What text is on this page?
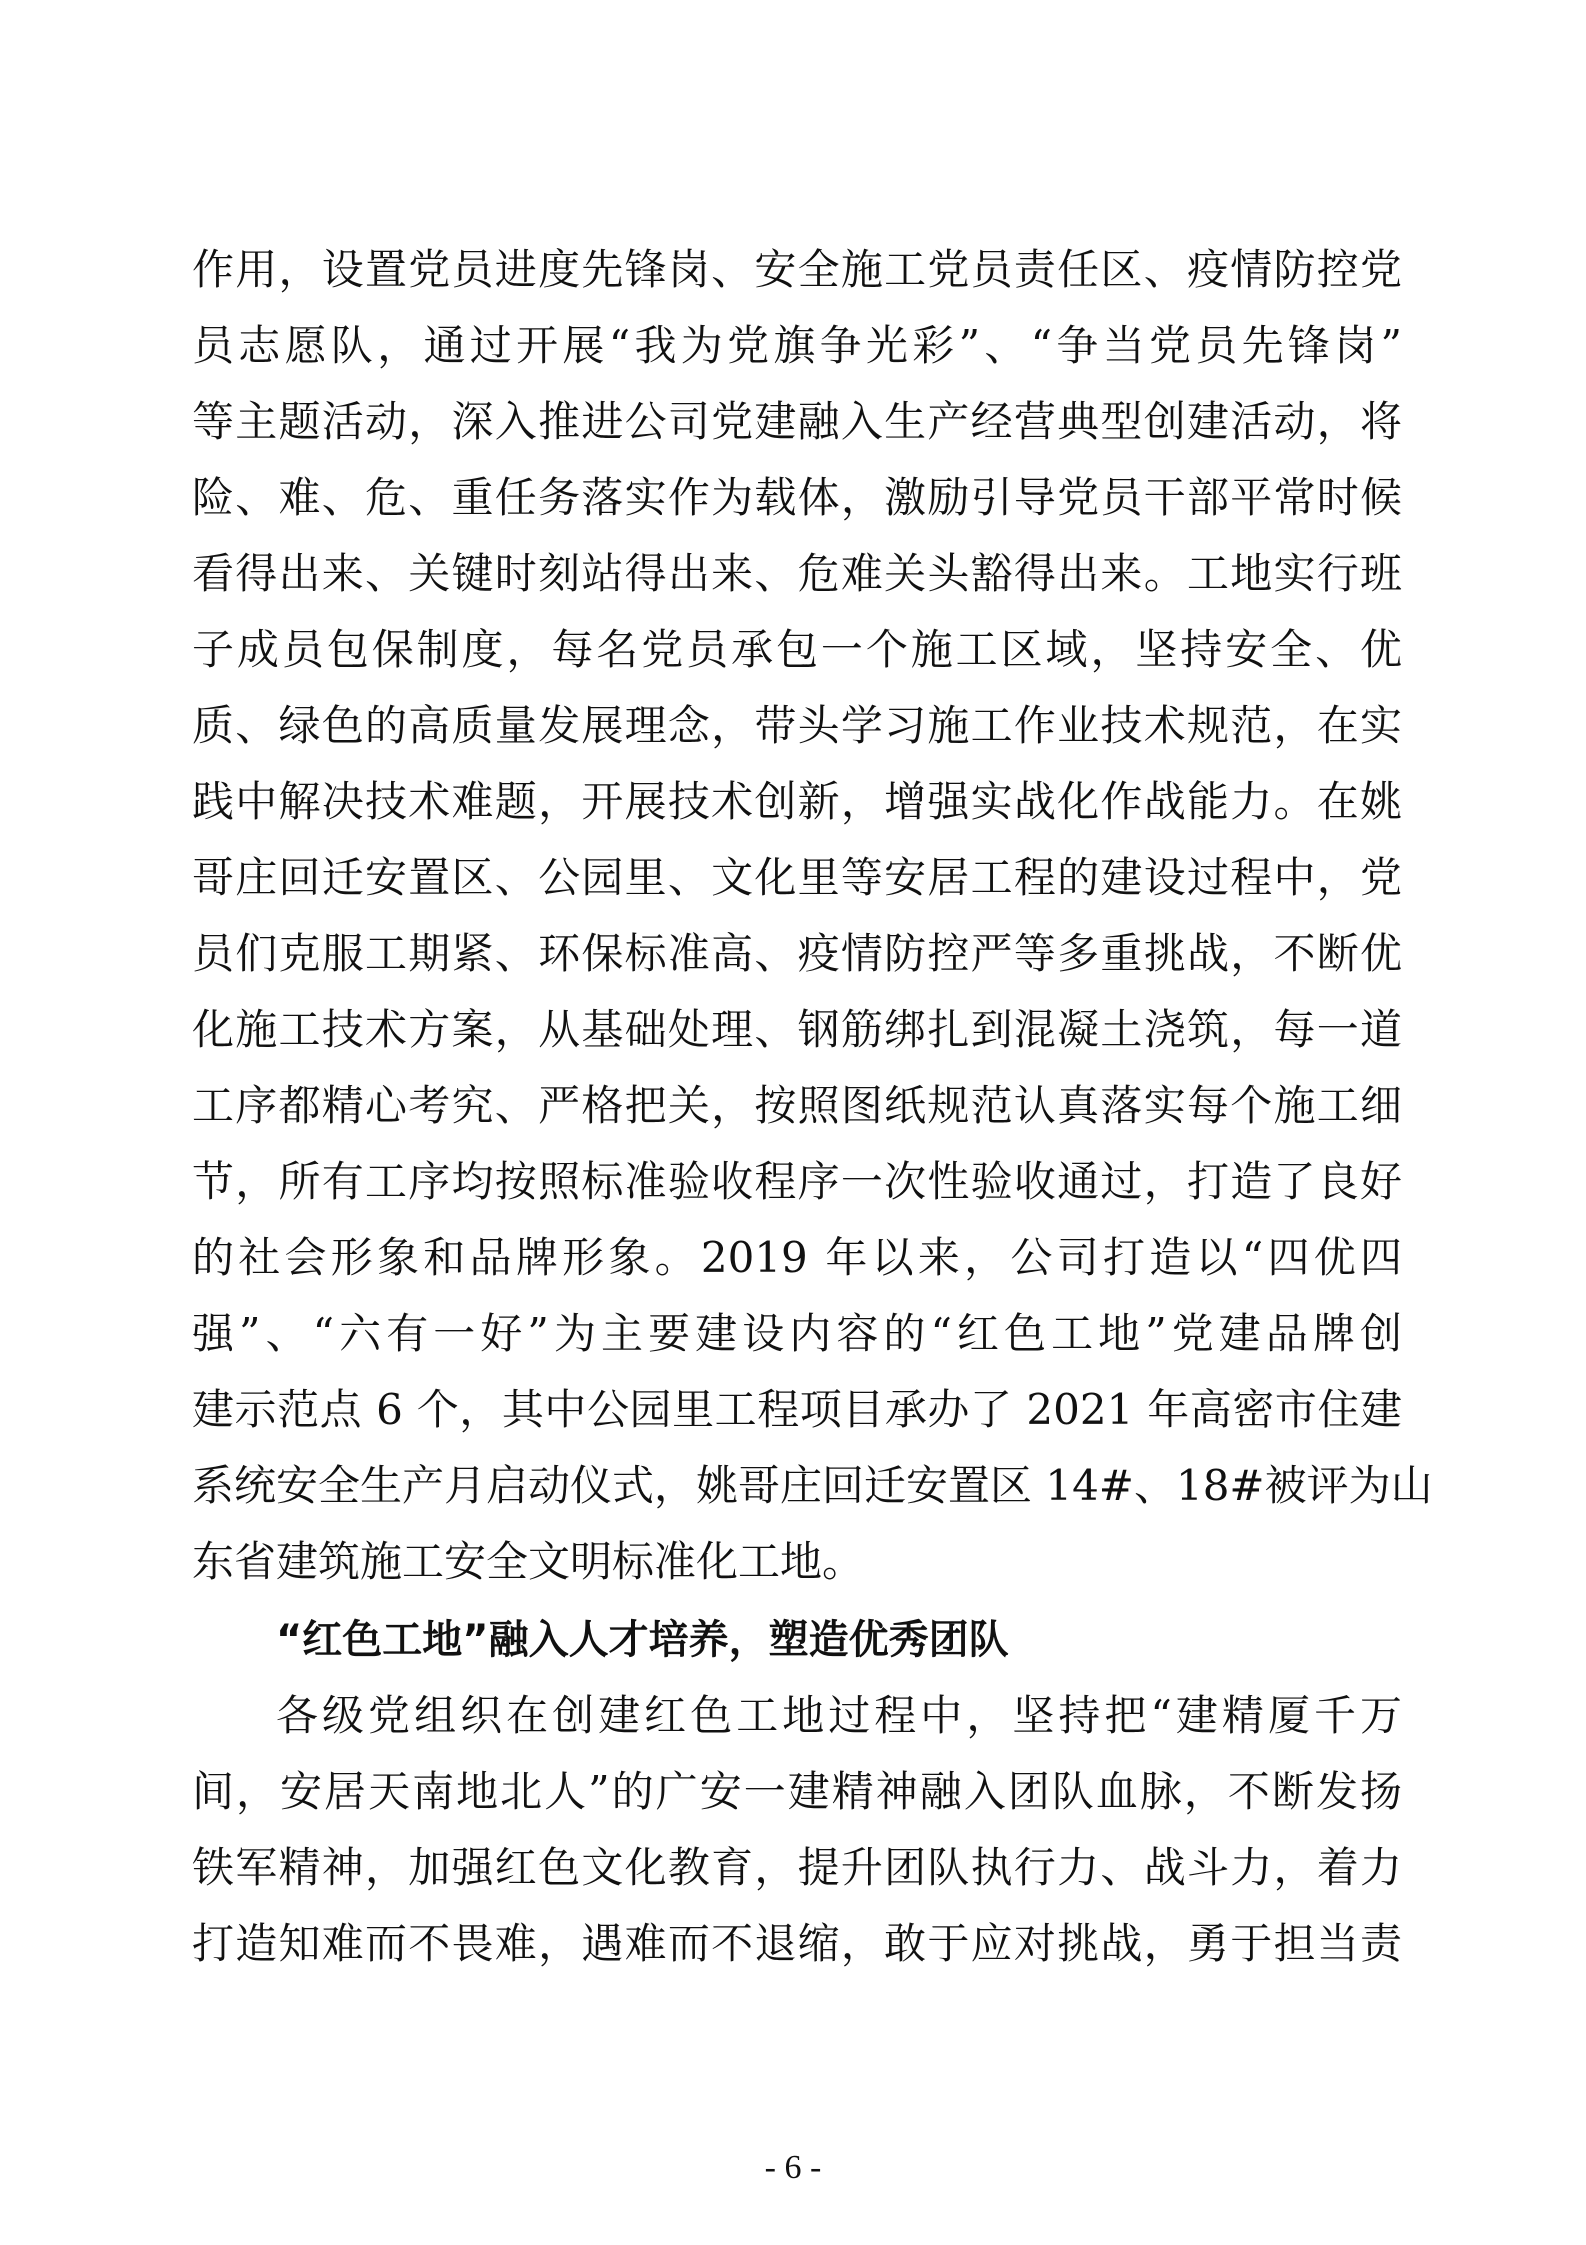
作用，设置党员进度先锋岗、安全施工党员责任区、疫情防控党
员志愿队，通过开展“我为党旗争光彩”、“争当党员先锋岗”
等主题活动，深入推进公司党建融入生产经营典型创建活动，将
险、难、危、重任务落实作为载体，激励引导党员干部平常时候
看得出来、关键时刻站得出来、危难关头豁得出来。工地实行班
子成员包保制度，每名党员承包一个施工区域，坚持安全、优
质、绿色的高质量发展理念，带头学习施工作业技术规范，在实
践中解决技术难题，开展技术创新，增强实战化作战能力。在姚
哥庄回迁安置区、公园里、文化里等安居工程的建设过程中，党
员们克服工期紧、环保标准高、疫情防控严等多重挑战，不断优
化施工技术方案，从基础处理、钢筋绑扎到混凝土浇筑，每一道
工序都精心考究、严格把关，按照图纸规范认真落实每个施工细
节，所有工序均按照标准验收程序一次性验收通过，打造了良好
的社会形象和品牌形象。2019 年以来，公司打造以“四优四
强”、“六有一好”为主要建设内容的“红色工地”党建品牌创
建示范点 6 个，其中公园里工程项目承办了 2021 年高密市住建
系统安全生产月启动仪式，姚哥庄回迁安置区 14#、18#被评为山
东省建筑施工安全文明标准化工地。
“红色工地”融入人才培养，塑造优秀团队
各级党组织在创建红色工地过程中，坚持把“建精厦千万
间，安居天南地北人”的广安一建精神融入团队血脉，不断发扬
铁军精神，加强红色文化教育，提升团队执行力、战斗力，着力
打造知难而不畏难，遇难而不退缩，敢于应对挑战，勇于担当责
- 6 -
